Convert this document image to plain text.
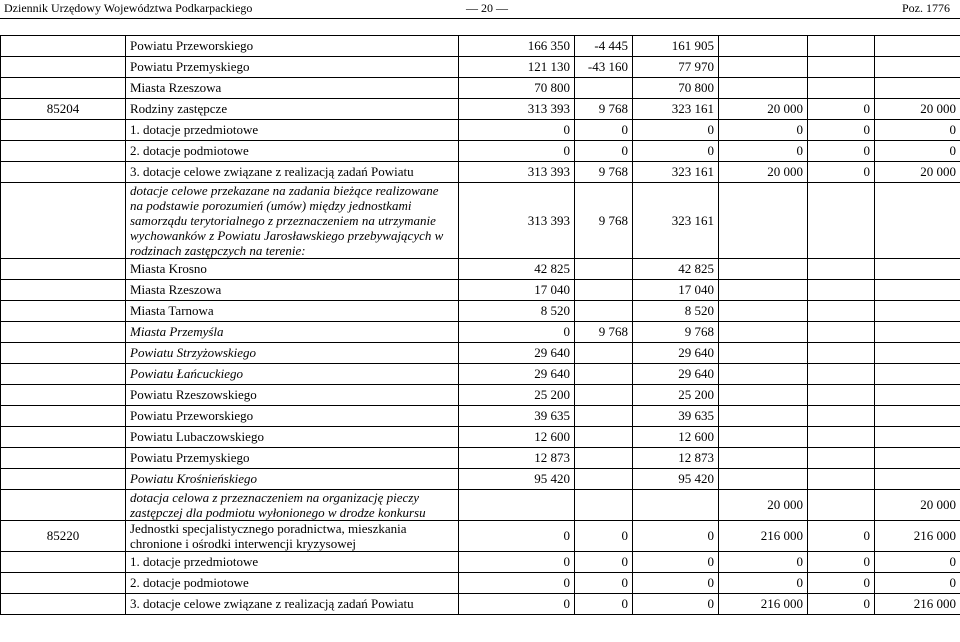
Dziennik Urzędowy Województwa Podkarpackiego	— 20 —	Poz. 1776
	Powiatu Przeworskiego	166 350	-4 445	161 905			
	Powiatu Przemyskiego	121 130	-43 160	77 970			
	Miasta Rzeszowa	70 800		70 800			
85204	Rodziny zastępcze	313 393	9 768	323 161	20 000	0	20 000
	1. dotacje przedmiotowe	0	0	0	0	0	0
	2. dotacje podmiotowe	0	0	0	0	0	0
	3. dotacje celowe związane z realizacją zadań Powiatu	313 393	9 768	323 161	20 000	0	20 000
	dotacje celowe przekazane na zadania bieżące realizowane na podstawie porozumień (umów) między jednostkami samorządu terytorialnego z przeznaczeniem na utrzymanie wychowanków z Powiatu Jarosławskiego przebywających w rodzinach zastępczych na terenie:	313 393	9 768	323 161			
	Miasta Krosno	42 825		42 825			
	Miasta Rzeszowa	17 040		17 040			
	Miasta Tarnowa	8 520		8 520			
	Miasta Przemyśla	0	9 768	9 768			
	Powiatu Strzyżowskiego	29 640		29 640			
	Powiatu Łańcuckiego	29 640		29 640			
	Powiatu Rzeszowskiego	25 200		25 200			
	Powiatu Przeworskiego	39 635		39 635			
	Powiatu Lubaczowskiego	12 600		12 600			
	Powiatu Przemyskiego	12 873		12 873			
	Powiatu Krośnieńskiego	95 420		95 420			
	dotacja celowa z przeznaczeniem na organizację pieczy zastępczej dla podmiotu wyłonionego w drodze konkursu				20 000		20 000
85220	Jednostki specjalistycznego poradnictwa, mieszkania chronione i ośrodki interwencji kryzysowej	0	0	0	216 000	0	216 000
	1. dotacje przedmiotowe	0	0	0	0	0	0
	2. dotacje podmiotowe	0	0	0	0	0	0
	3. dotacje celowe związane z realizacją zadań Powiatu	0	0	0	216 000	0	216 000
